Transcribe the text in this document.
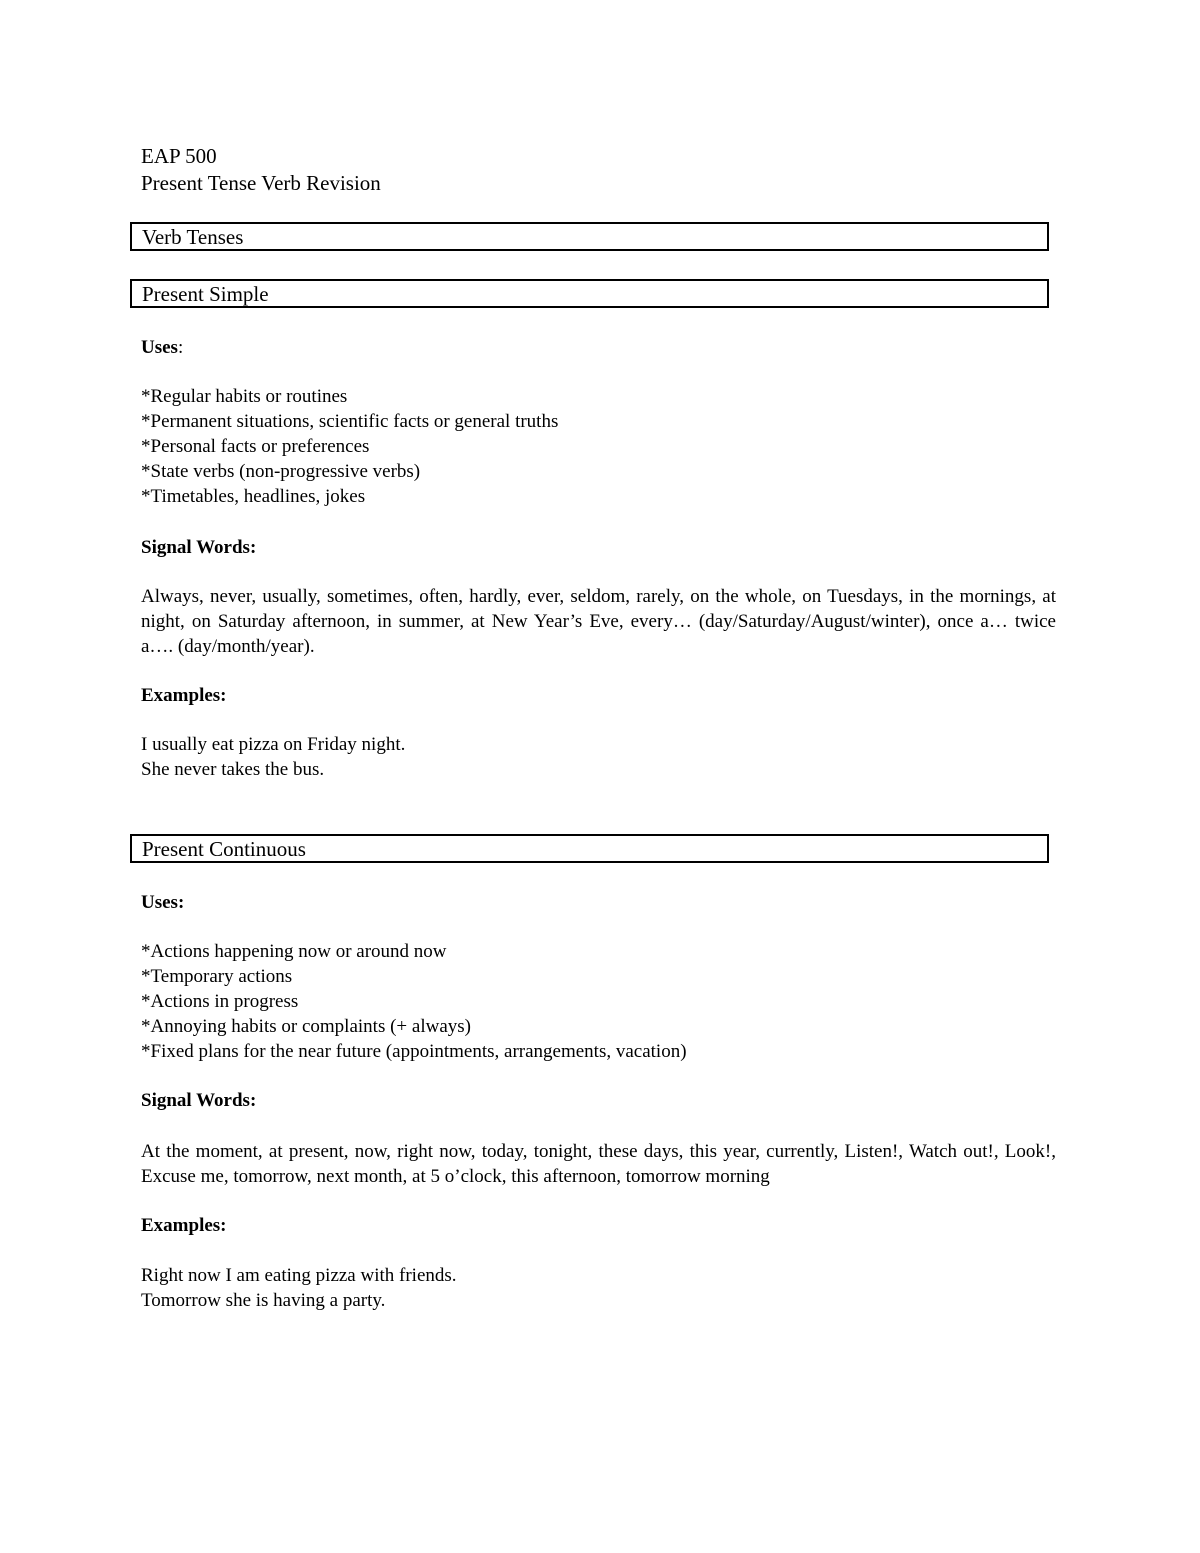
EAP 500
Present Tense Verb Revision
Verb Tenses
Present Simple
Uses:
*Regular habits or routines
*Permanent situations, scientific facts or general truths
*Personal facts or preferences
*State verbs (non-progressive verbs)
*Timetables, headlines, jokes
Signal Words:

Always, never, usually, sometimes, often, hardly, ever, seldom, rarely, on the whole, on Tuesdays, in the mornings, at night, on Saturday afternoon, in summer, at New Year’s Eve, every… (day/Saturday/August/winter), once a… twice a…. (day/month/year).

Examples:
I usually eat pizza on Friday night.
She never takes the bus.
Present Continuous
Uses:
*Actions happening now or around now
*Temporary actions
*Actions in progress
*Annoying habits or complaints (+ always)
*Fixed plans for the near future (appointments, arrangements, vacation)
Signal Words:

At the moment, at present, now, right now, today, tonight, these days, this year, currently, Listen!, Watch out!, Look!, Excuse me, tomorrow, next month, at 5 o’clock, this afternoon, tomorrow morning

Examples:
Right now I am eating pizza with friends.
Tomorrow she is having a party.
